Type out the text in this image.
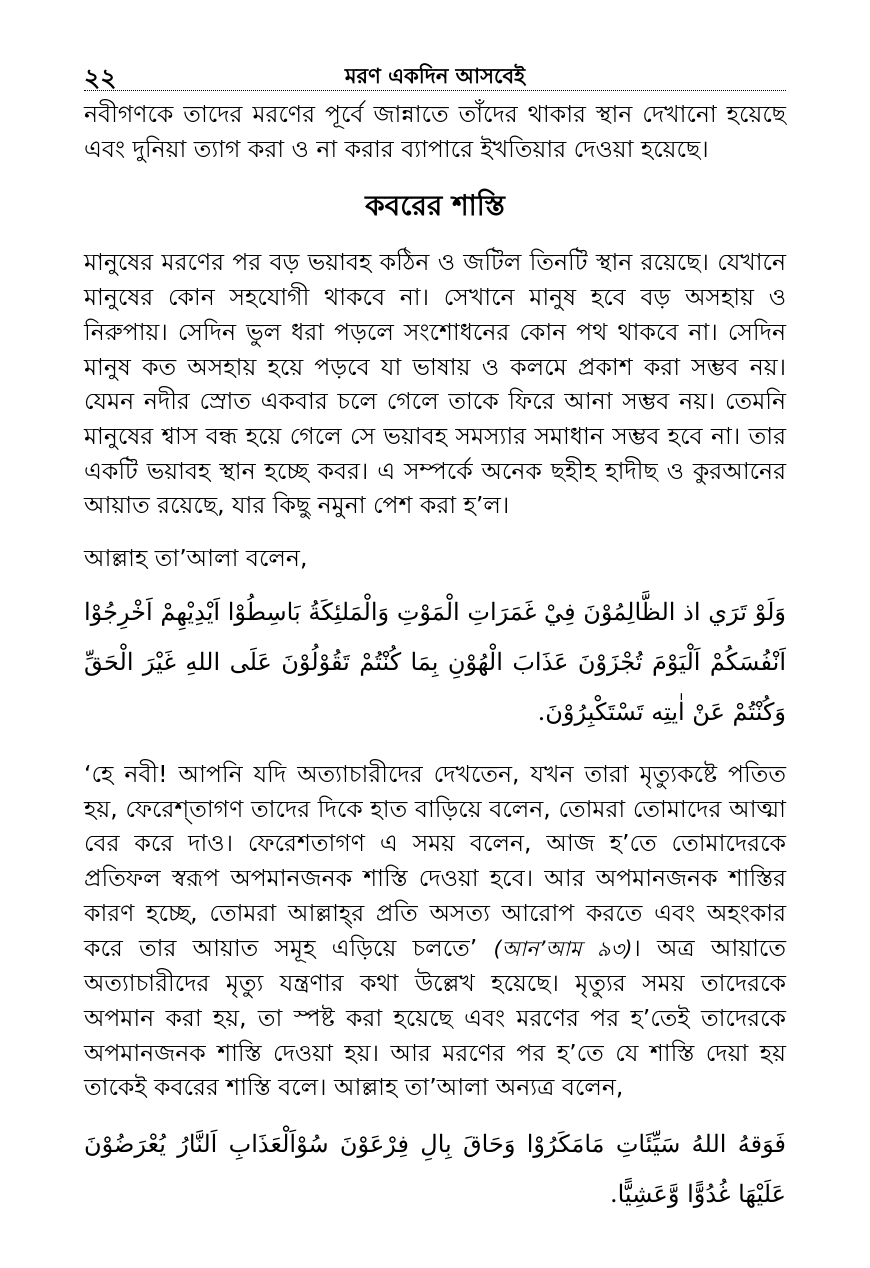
২২	মরণ একদিন আসবেই

নবীগণকে তাদের মরণের পূর্বে জান্নাতে তাঁদের থাকার স্থান দেখানো হয়েছে এবং দুনিয়া ত্যাগ করা ও না করার ব্যাপারে ইখতিয়ার দেওয়া হয়েছে।

কবরের শাস্তি

মানুষের মরণের পর বড় ভয়াবহ কঠিন ও জটিল তিনটি স্থান রয়েছে। যেখানে মানুষের কোন সহযোগী থাকবে না। সেখানে মানুষ হবে বড় অসহায় ও নিরুপায়। সেদিন ভুল ধরা পড়লে সংশোধনের কোন পথ থাকবে না। সেদিন মানুষ কত অসহায় হয়ে পড়বে যা ভাষায় ও কলমে প্রকাশ করা সম্ভব নয়। যেমন নদীর স্রোত একবার চলে গেলে তাকে ফিরে আনা সম্ভব নয়। তেমনি মানুষের শ্বাস বন্ধ হয়ে গেলে সে ভয়াবহ সমস্যার সমাধান সম্ভব হবে না। তার একটি ভয়াবহ স্থান হচ্ছে কবর। এ সম্পর্কে অনেক ছহীহ হাদীছ ও কুরআনের আয়াত রয়েছে, যার কিছু নমুনা পেশ করা হ’ল।

আল্লাহ তা’আলা বলেন,

وَلَوْ تَرَي اذ الظَّالِمُوْنَ فِيْ غَمَرَاتِ الْمَوْتِ وَالْمَلئِكَةُ بَاسِطُوْا اَيْدِيْهِمْ اَخْرِجُوْا اَنْفُسَكُمْ اَلْيَوْمَ تُجْزَوْنَ عَذَابَ الْهُوْنِ بِمَا كُنْتُمْ تَقُوْلُوْنَ عَلَى اللهِ غَيْرَ الْحَقِّ وَكُنْتُمْ عَنْ اٰيتِه تَسْتَكْبِرُوْنَ.

‘হে নবী! আপনি যদি অত্যাচারীদের দেখতেন, যখন তারা মৃত্যুকষ্টে পতিত হয়, ফেরেশ্‌তাগণ তাদের দিকে হাত বাড়িয়ে বলেন, তোমরা তোমাদের আত্মা বের করে দাও। ফেরেশতাগণ এ সময় বলেন, আজ হ’তে তোমাদেরকে প্রতিফল স্বরূপ অপমানজনক শাস্তি দেওয়া হবে। আর অপমানজনক শাস্তির কারণ হচ্ছে, তোমরা আল্লাহ্‌র প্রতি অসত্য আরোপ করতে এবং অহংকার করে তার আয়াত সমূহ এড়িয়ে চলতে’ (আন’আম ৯৩)। অত্র আয়াতে অত্যাচারীদের মৃত্যু যন্ত্রণার কথা উল্লেখ হয়েছে। মৃত্যুর সময় তাদেরকে অপমান করা হয়, তা স্পষ্ট করা হয়েছে এবং মরণের পর হ’তেই তাদেরকে অপমানজনক শাস্তি দেওয়া হয়। আর মরণের পর হ’তে যে শাস্তি দেয়া হয় তাকেই কবরের শাস্তি বলে। আল্লাহ তা’আলা অন্যত্র বলেন,

فَوَقهُ اللهُ سَيِّئَاتِ مَامَكَرُوْا وَحَاقَ بِالِ فِرْعَوْنَ سُوْاَلْعَذَابِ اَلنَّارُ يُعْرَضُوْنَ عَلَيْهَا غُدُوًّا وَّعَشِيًّا.
